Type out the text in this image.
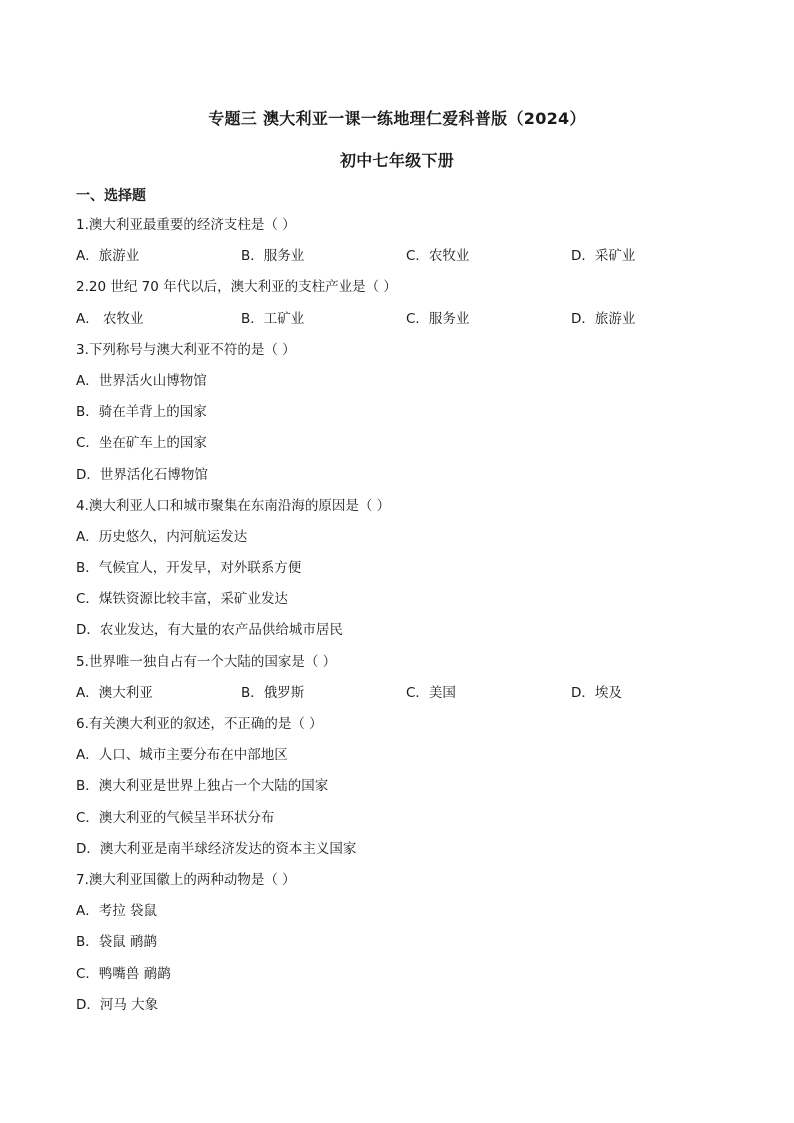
专题三 澳大利亚一课一练地理仁爱科普版（2024）
初中七年级下册
一、选择题
1.澳大利亚最重要的经济支柱是（ ）
A．旅游业	B．服务业	C．农牧业	D．采矿业
2.20 世纪 70 年代以后，澳大利亚的支柱产业是（ ）
A． 农牧业	B．工矿业	C．服务业	D．旅游业
3.下列称号与澳大利亚不符的是（ ）
A．世界活火山博物馆
B．骑在羊背上的国家
C．坐在矿车上的国家
D．世界活化石博物馆
4.澳大利亚人口和城市聚集在东南沿海的原因是（ ）
A．历史悠久，内河航运发达
B．气候宜人，开发早，对外联系方便
C．煤铁资源比较丰富，采矿业发达
D．农业发达，有大量的农产品供给城市居民
5.世界唯一独自占有一个大陆的国家是（ ）
A．澳大利亚	B．俄罗斯	C．美国	D．埃及
6.有关澳大利亚的叙述，不正确的是（ ）
A．人口、城市主要分布在中部地区
B．澳大利亚是世界上独占一个大陆的国家
C．澳大利亚的气候呈半环状分布
D．澳大利亚是南半球经济发达的资本主义国家
7.澳大利亚国徽上的两种动物是（ ）
A．考拉 袋鼠
B．袋鼠 鸸鹋
C．鸭嘴兽 鸸鹋
D．河马 大象
